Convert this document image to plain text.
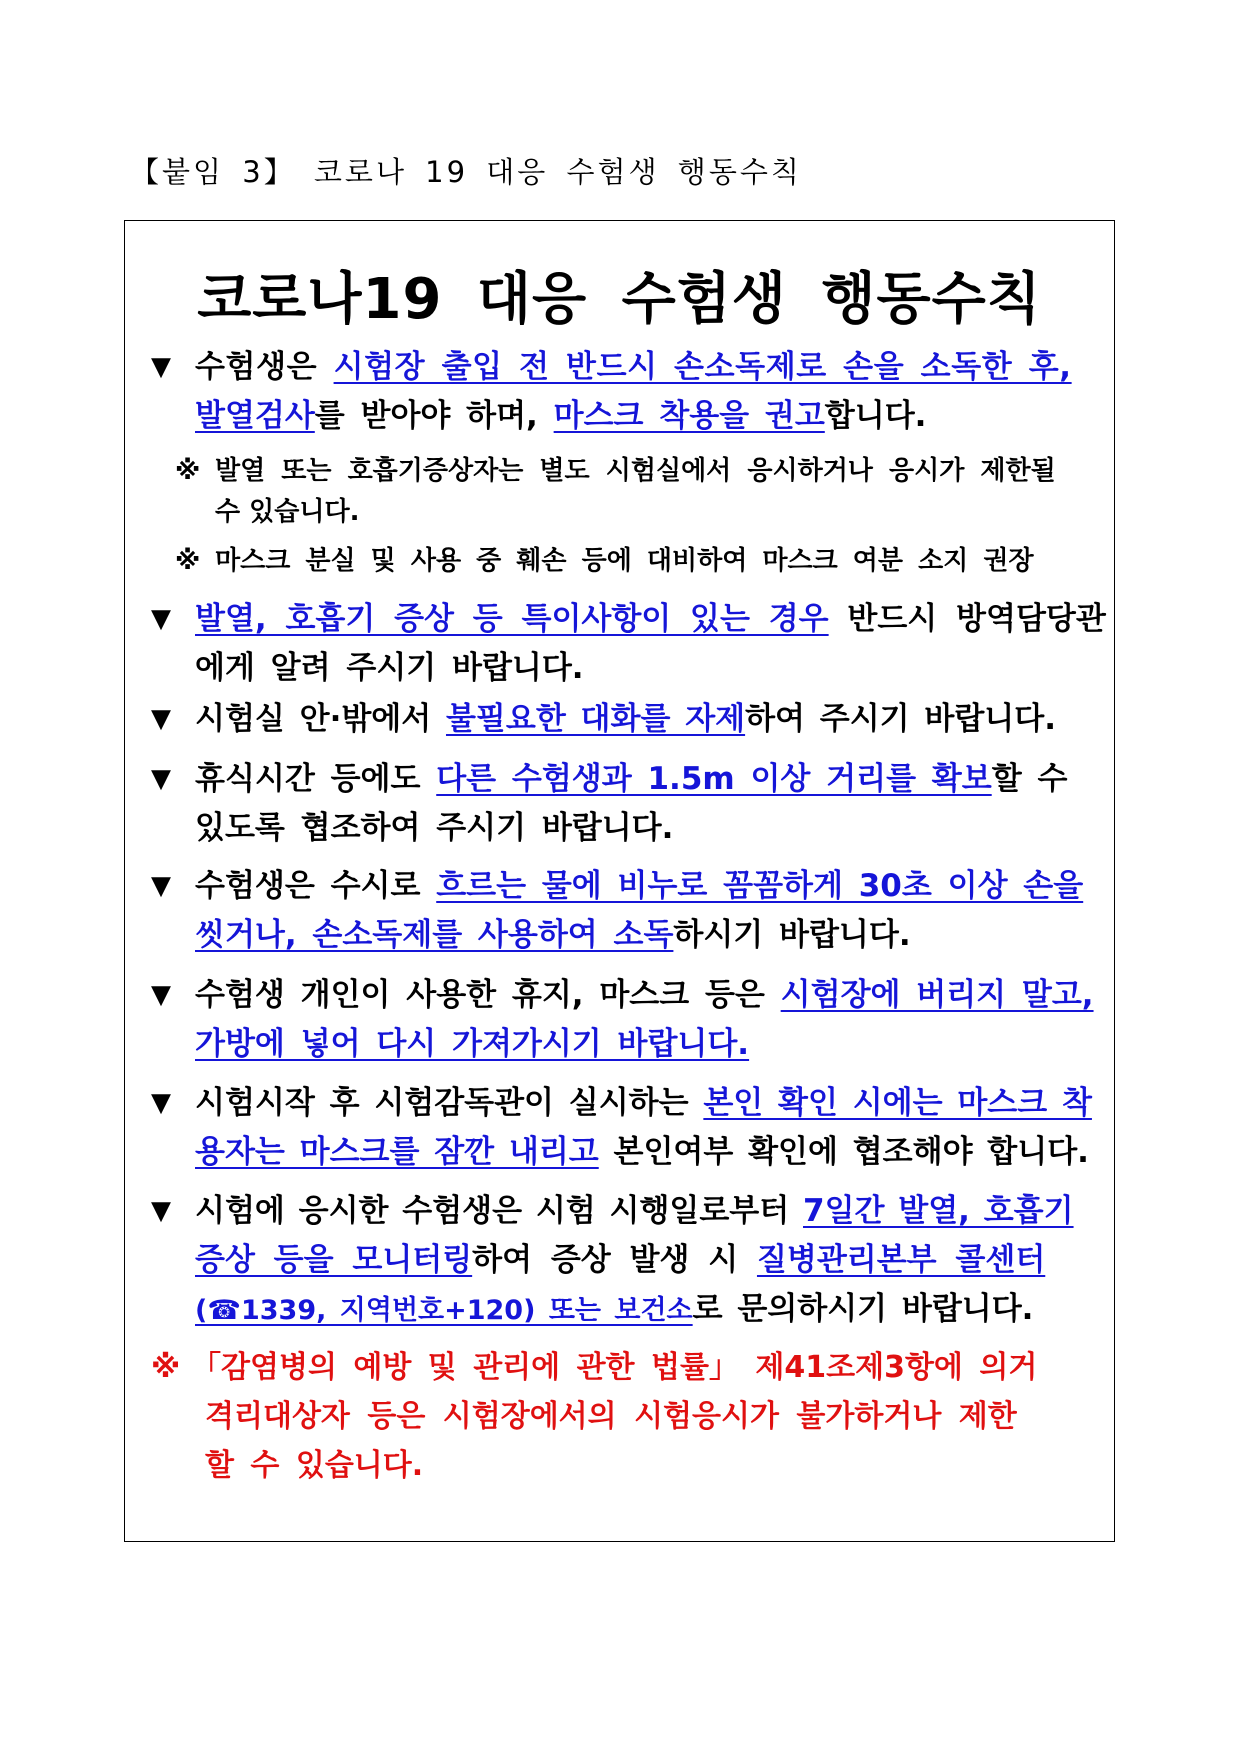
【붙임 3】 코로나 19 대응 수험생 행동수칙
코로나19 대응 수험생 행동수칙
▼ 수험생은 시험장 출입 전 반드시 손소독제로 손을 소독한 후,
발열검사를 받아야 하며, 마스크 착용을 권고합니다.
※ 발열 또는 호흡기증상자는 별도 시험실에서 응시하거나 응시가 제한될
수 있습니다.
※ 마스크 분실 및 사용 중 훼손 등에 대비하여 마스크 여분 소지 권장
▼ 발열, 호흡기 증상 등 특이사항이 있는 경우 반드시 방역담당관
에게 알려 주시기 바랍니다.
▼ 시험실 안·밖에서 불필요한 대화를 자제하여 주시기 바랍니다.
▼ 휴식시간 등에도 다른 수험생과 1.5m 이상 거리를 확보할 수
있도록 협조하여 주시기 바랍니다.
▼ 수험생은 수시로 흐르는 물에 비누로 꼼꼼하게 30초 이상 손을
씻거나, 손소독제를 사용하여 소독하시기 바랍니다.
▼ 수험생 개인이 사용한 휴지, 마스크 등은 시험장에 버리지 말고,
가방에 넣어 다시 가져가시기 바랍니다.
▼ 시험시작 후 시험감독관이 실시하는 본인 확인 시에는 마스크 착
용자는 마스크를 잠깐 내리고 본인여부 확인에 협조해야 합니다.
▼ 시험에 응시한 수험생은 시험 시행일로부터 7일간 발열, 호흡기
증상 등을 모니터링하여 증상 발생 시 질병관리본부 콜센터
(☎1339, 지역번호+120) 또는 보건소로 문의하시기 바랍니다.
※ 「감염병의 예방 및 관리에 관한 법률」 제41조제3항에 의거
격리대상자 등은 시험장에서의 시험응시가 불가하거나 제한
할 수 있습니다.
